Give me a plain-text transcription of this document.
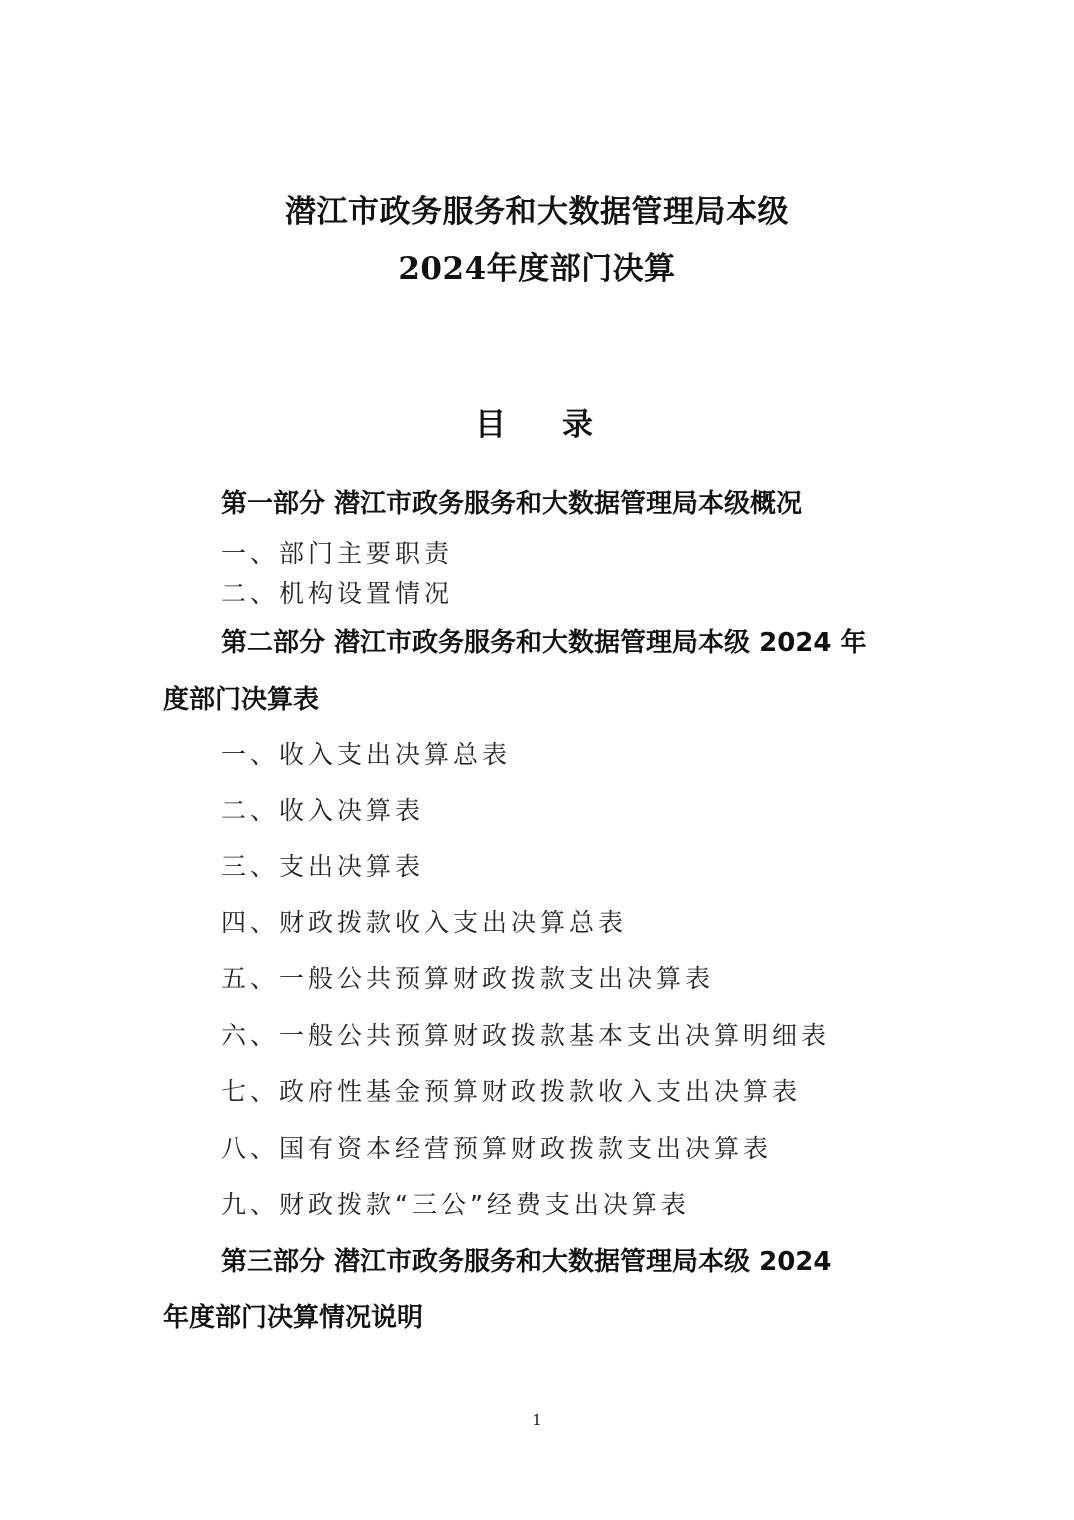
潜江市政务服务和大数据管理局本级
2024年度部门决算
目录
第一部分 潜江市政务服务和大数据管理局本级概况
一、部门主要职责
二、机构设置情况
第二部分 潜江市政务服务和大数据管理局本级 2024 年
度部门决算表
一、收入支出决算总表
二、收入决算表
三、支出决算表
四、财政拨款收入支出决算总表
五、一般公共预算财政拨款支出决算表
六、一般公共预算财政拨款基本支出决算明细表
七、政府性基金预算财政拨款收入支出决算表
八、国有资本经营预算财政拨款支出决算表
九、财政拨款“三公”经费支出决算表
第三部分 潜江市政务服务和大数据管理局本级 2024
年度部门决算情况说明
1
